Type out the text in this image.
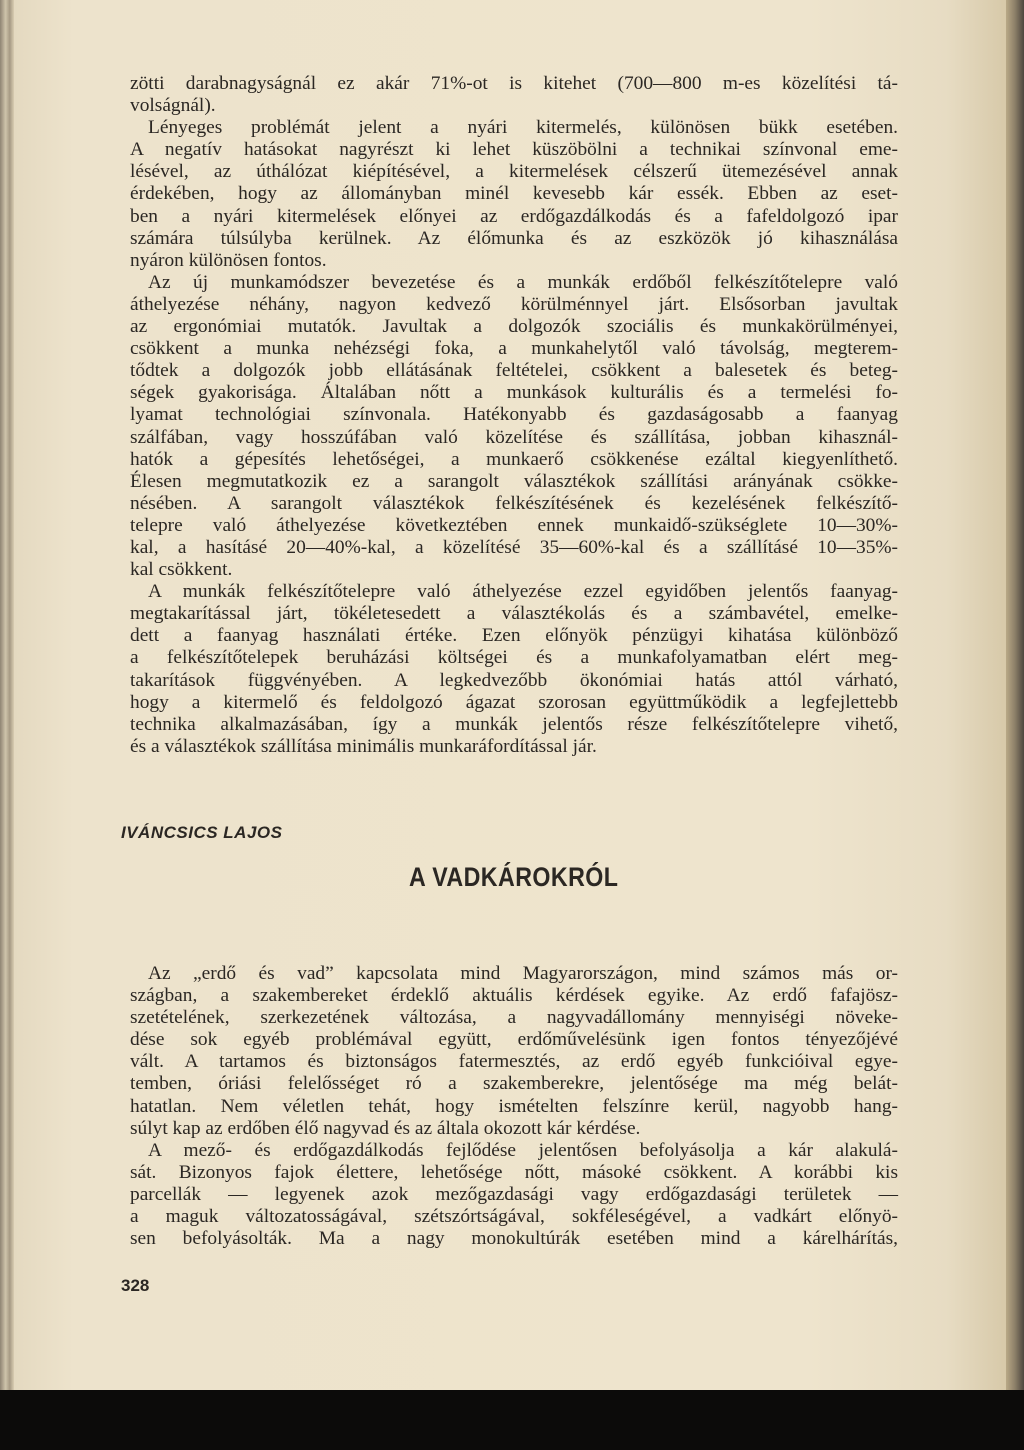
zötti darabnagyságnál ez akár 71%-ot is kitehet (700—800 m-es közelítési tá-
volságnál).
Lényeges problémát jelent a nyári kitermelés, különösen bükk esetében.
A negatív hatásokat nagyrészt ki lehet küszöbölni a technikai színvonal eme-
lésével, az úthálózat kiépítésével, a kitermelések célszerű ütemezésével annak
érdekében, hogy az állományban minél kevesebb kár essék. Ebben az eset-
ben a nyári kitermelések előnyei az erdőgazdálkodás és a fafeldolgozó ipar
számára túlsúlyba kerülnek. Az élőmunka és az eszközök jó kihasználása
nyáron különösen fontos.
Az új munkamódszer bevezetése és a munkák erdőből felkészítőtelepre való
áthelyezése néhány, nagyon kedvező körülménnyel járt. Elsősorban javultak
az ergonómiai mutatók. Javultak a dolgozók szociális és munkakörülményei,
csökkent a munka nehézségi foka, a munkahelytől való távolság, megterem-
tődtek a dolgozók jobb ellátásának feltételei, csökkent a balesetek és beteg-
ségek gyakorisága. Általában nőtt a munkások kulturális és a termelési fo-
lyamat technológiai színvonala. Hatékonyabb és gazdaságosabb a faanyag
szálfában, vagy hosszúfában való közelítése és szállítása, jobban kihasznál-
hatók a gépesítés lehetőségei, a munkaerő csökkenése ezáltal kiegyenlíthető.
Élesen megmutatkozik ez a sarangolt választékok szállítási arányának csökke-
nésében. A sarangolt választékok felkészítésének és kezelésének felkészítő-
telepre való áthelyezése következtében ennek munkaidő-szükséglete 10—30%-
kal, a hasításé 20—40%-kal, a közelítésé 35—60%-kal és a szállításé 10—35%-
kal csökkent.
A munkák felkészítőtelepre való áthelyezése ezzel egyidőben jelentős faanyag-
megtakarítással járt, tökéletesedett a választékolás és a számbavétel, emelke-
dett a faanyag használati értéke. Ezen előnyök pénzügyi kihatása különböző
a felkészítőtelepek beruházási költségei és a munkafolyamatban elért meg-
takarítások függvényében. A legkedvezőbb ökonómiai hatás attól várható,
hogy a kitermelő és feldolgozó ágazat szorosan együttműködik a legfejlettebb
technika alkalmazásában, így a munkák jelentős része felkészítőtelepre vihető,
és a választékok szállítása minimális munkaráfordítással jár.
IVÁNCSICS LAJOS
A VADKÁROKRÓL
Az „erdő és vad” kapcsolata mind Magyarországon, mind számos más or-
szágban, a szakembereket érdeklő aktuális kérdések egyike. Az erdő fafajösz-
szetételének, szerkezetének változása, a nagyvadállomány mennyiségi növeke-
dése sok egyéb problémával együtt, erdőművelésünk igen fontos tényezőjévé
vált. A tartamos és biztonságos fatermesztés, az erdő egyéb funkcióival egye-
temben, óriási felelősséget ró a szakemberekre, jelentősége ma még belát-
hatatlan. Nem véletlen tehát, hogy ismételten felszínre kerül, nagyobb hang-
súlyt kap az erdőben élő nagyvad és az általa okozott kár kérdése.
A mező- és erdőgazdálkodás fejlődése jelentősen befolyásolja a kár alakulá-
sát. Bizonyos fajok élettere, lehetősége nőtt, másoké csökkent. A korábbi kis
parcellák — legyenek azok mezőgazdasági vagy erdőgazdasági területek —
a maguk változatosságával, szétszórtságával, sokféleségével, a vadkárt előnyö-
sen befolyásolták. Ma a nagy monokultúrák esetében mind a kárelhárítás,
328
